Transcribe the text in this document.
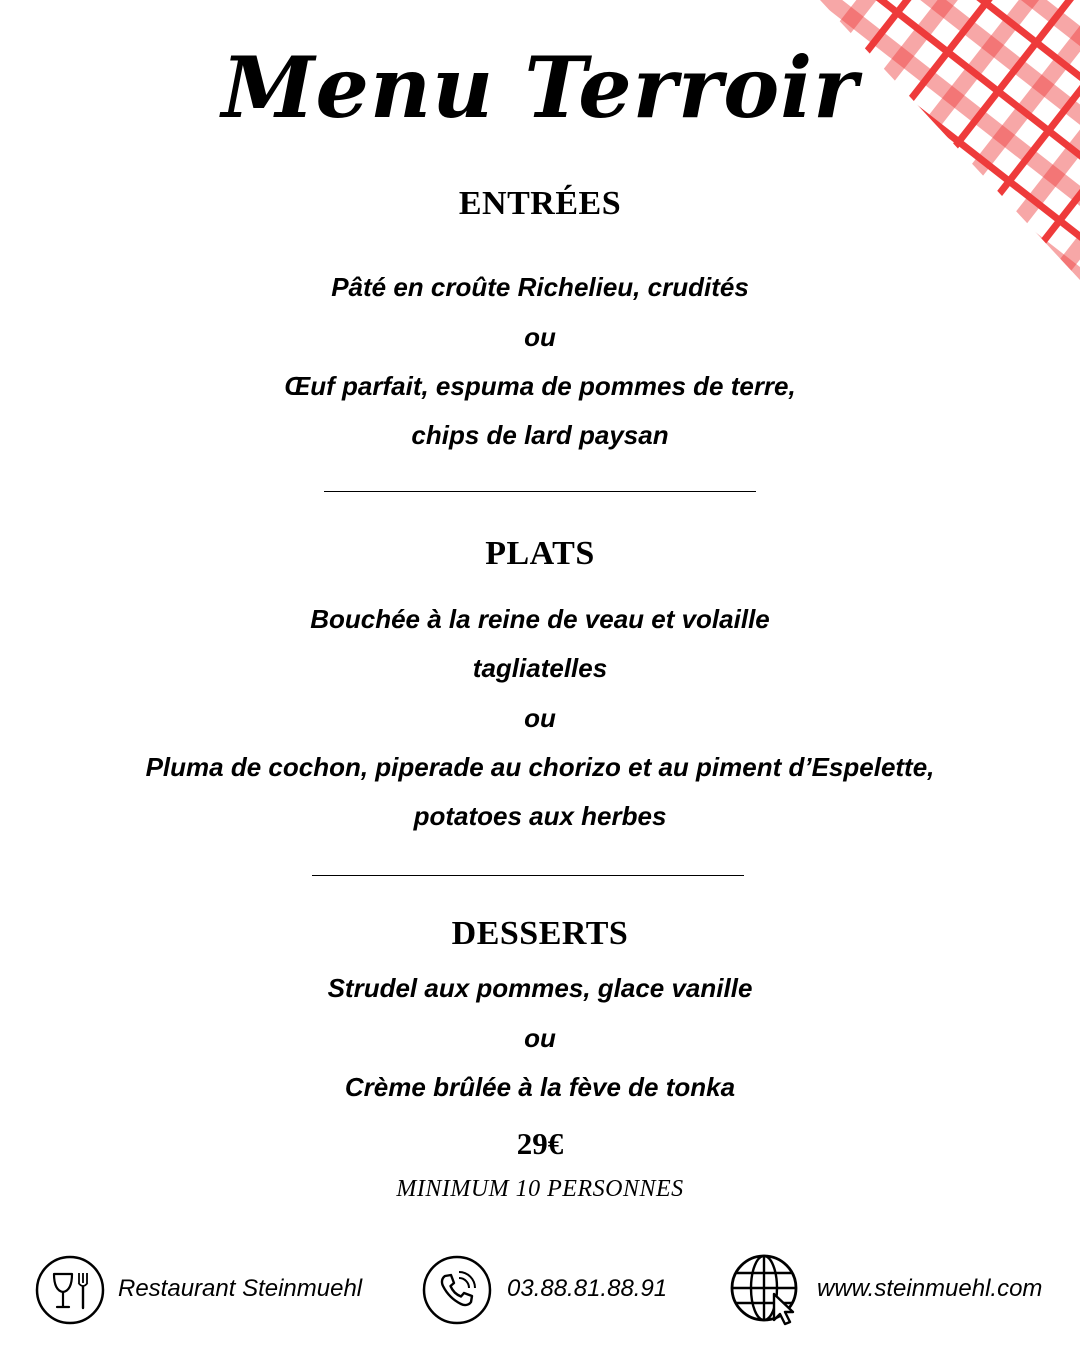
Menu Terroir
ENTRÉES
Pâté en croûte Richelieu, crudités
ou
Œuf parfait, espuma de pommes de terre,
chips de lard paysan
PLATS
Bouchée à la reine de veau et volaille
tagliatelles
ou
Pluma de cochon, piperade au chorizo et au piment d’Espelette,
potatoes aux herbes
DESSERTS
Strudel aux pommes, glace vanille
ou
Crème brûlée à la fève de tonka
29€
MINIMUM 10 PERSONNES
Restaurant Steinmuehl	03.88.81.88.91	www.steinmuehl.com
